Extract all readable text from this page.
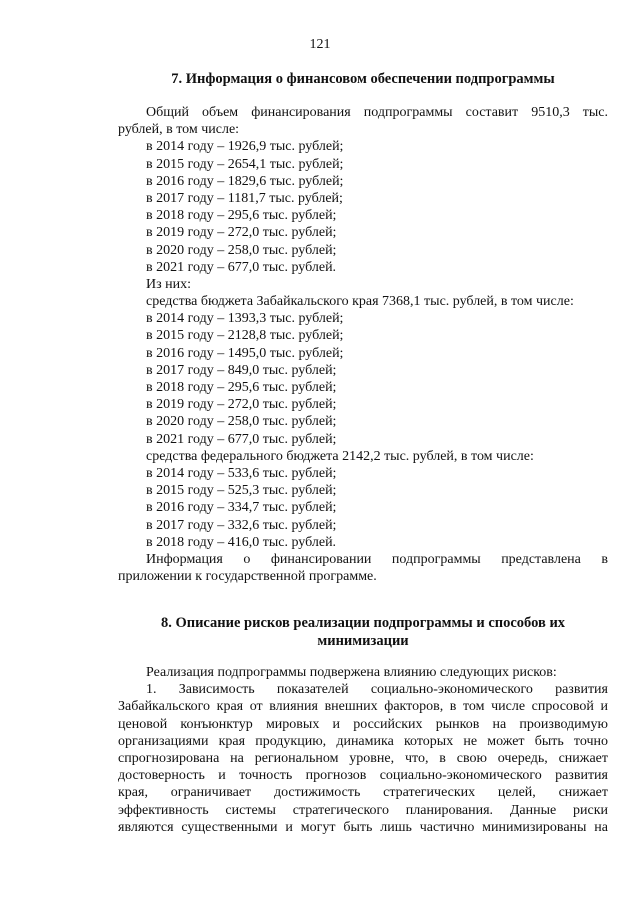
121
7. Информация о финансовом обеспечении подпрограммы
Общий объем финансирования подпрограммы составит 9510,3 тыс.
рублей, в том числе:
в 2014 году – 1926,9 тыс. рублей;
в 2015 году – 2654,1 тыс. рублей;
в 2016 году – 1829,6 тыс. рублей;
в 2017 году – 1181,7 тыс. рублей;
в 2018 году – 295,6 тыс. рублей;
в 2019 году – 272,0 тыс. рублей;
в 2020 году – 258,0 тыс. рублей;
в 2021 году – 677,0 тыс. рублей.
Из них:
средства бюджета Забайкальского края 7368,1 тыс. рублей, в том числе:
в 2014 году – 1393,3 тыс. рублей;
в 2015 году – 2128,8 тыс. рублей;
в 2016 году – 1495,0 тыс. рублей;
в 2017 году – 849,0 тыс. рублей;
в 2018 году – 295,6 тыс. рублей;
в 2019 году – 272,0 тыс. рублей;
в 2020 году – 258,0 тыс. рублей;
в 2021 году – 677,0 тыс. рублей;
средства федерального бюджета 2142,2 тыс. рублей, в том числе:
в 2014 году – 533,6 тыс. рублей;
в 2015 году – 525,3 тыс. рублей;
в 2016 году – 334,7 тыс. рублей;
в 2017 году – 332,6 тыс. рублей;
в 2018 году – 416,0 тыс. рублей.
Информация о финансировании подпрограммы представлена в
приложении к государственной программе.
8. Описание рисков реализации подпрограммы и способов их
минимизации
Реализация подпрограммы подвержена влиянию следующих рисков:
1. Зависимость показателей социально-экономического развития
Забайкальского края от влияния внешних факторов, в том числе спросовой и
ценовой конъюнктур мировых и российских рынков на производимую
организациями края продукцию, динамика которых не может быть точно
спрогнозирована на региональном уровне, что, в свою очередь, снижает
достоверность и точность прогнозов социально-экономического развития
края, ограничивает достижимость стратегических целей, снижает
эффективность системы стратегического планирования. Данные риски
являются существенными и могут быть лишь частично минимизированы на
